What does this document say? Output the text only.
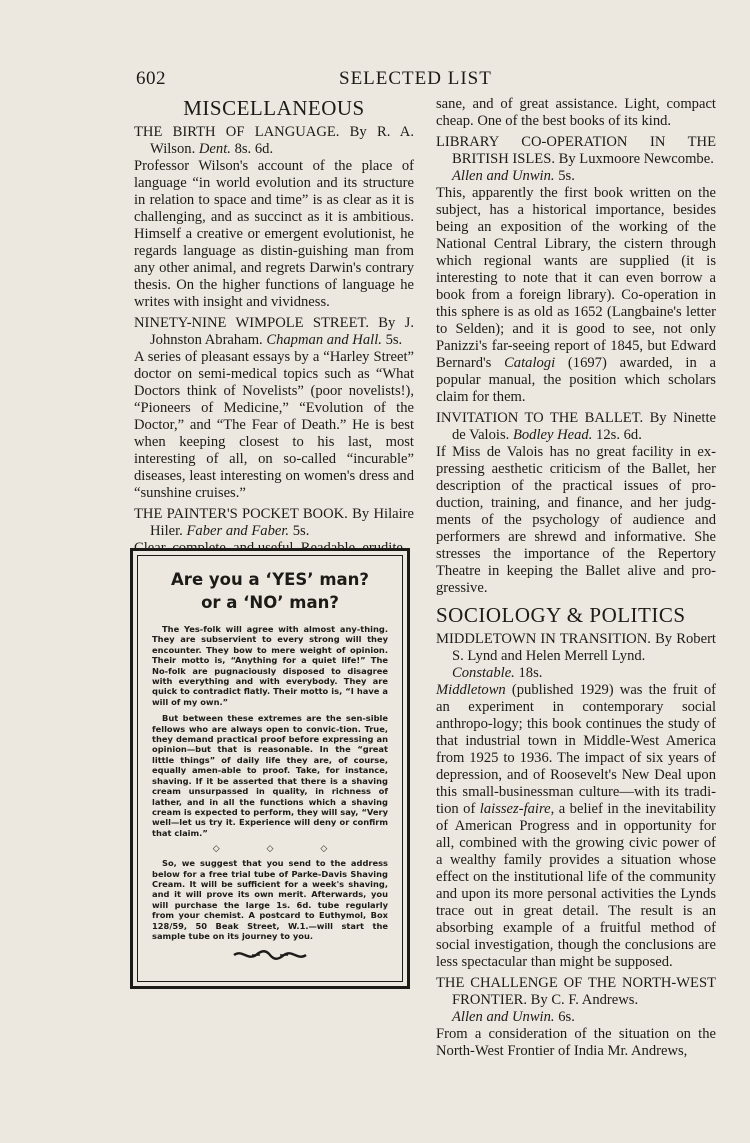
602	SELECTED LIST
MISCELLANEOUS

THE BIRTH OF LANGUAGE. By R. A. Wilson. Dent. 8s. 6d.

Professor Wilson's account of the place of language “in world evolution and its structure in relation to space and time” is as clear as it is challenging, and as succinct as it is ambitious. Himself a creative or emergent evolutionist, he regards language as distin-guishing man from any other animal, and regrets Darwin's contrary thesis. On the higher functions of language he writes with insight and vividness.

NINETY-NINE WIMPOLE STREET. By J. Johnston Abraham. Chapman and Hall. 5s.

A series of pleasant essays by a “Harley Street” doctor on semi-medical topics such as “What Doctors think of Novelists” (poor novelists!), “Pioneers of Medicine,” “Evolution of the Doctor,” and “The Fear of Death.” He is best when keeping closest to his last, most interesting of all, on so-called “incurable” diseases, least interesting on women's dress and “sunshine cruises.”

THE PAINTER'S POCKET BOOK. By Hilaire Hiler. Faber and Faber. 5s.

Are you a ‘YES’ man?
or a ‘NO’ man?

The Yes-folk will agree with almost any-thing. They are subservient to every strong will they encounter. They bow to mere weight of opinion. Their motto is, “Anything for a quiet life!” The No-folk are pugnaciously disposed to disagree with everything and with everybody. They are quick to contradict flatly. Their motto is, “I have a will of my own.”

But between these extremes are the sen-sible fellows who are always open to convic-tion. True, they demand practical proof before expressing an opinion—but that is reasonable. In the “great little things” of daily life they are, of course, equally amen-able to proof. Take, for instance, shaving. If it be asserted that there is a shaving cream unsurpassed in quality, in richness of lather, and in all the functions which a shaving cream is expected to perform, they will say, “Very well—let us try it. Experience will deny or confirm that claim.”

◇ ◇ ◇

So, we suggest that you send to the address below for a free trial tube of Parke-Davis Shaving Cream. It will be sufficient for a week's shaving, and it will prove its own merit. Afterwards, you will purchase the large 1s. 6d. tube regularly from your chemist. A postcard to Euthymol, Box 128/59, 50 Beak Street, W.1.—will start the sample tube on its journey to you.

sane, and of great assistance. Light, compact cheap. One of the best books of its kind.

LIBRARY CO-OPERATION IN THE BRITISH ISLES. By Luxmoore Newcombe.
Allen and Unwin. 5s.

This, apparently the first book written on the subject, has a historical importance, besides being an exposition of the working of the National Central Library, the cistern through which regional wants are supplied (it is interesting to note that it can even borrow a book from a foreign library). Co-operation in this sphere is as old as 1652 (Langbaine's letter to Selden); and it is good to see, not only Panizzi's far-seeing report of 1845, but Edward Bernard's Catalogi (1697) awarded, in a popular manual, the position which scholars claim for them.

INVITATION TO THE BALLET. By Ninette de Valois. Bodley Head. 12s. 6d.

If Miss de Valois has no great facility in ex-pressing aesthetic criticism of the Ballet, her description of the practical issues of pro-duction, training, and finance, and her judg-ments of the psychology of audience and performers are shrewd and informative. She stresses the importance of the Repertory Theatre in keeping the Ballet alive and pro-gressive.

SOCIOLOGY & POLITICS

MIDDLETOWN IN TRANSITION. By Robert S. Lynd and Helen Merrell Lynd.
Constable. 18s.

Middletown (published 1929) was the fruit of an experiment in contemporary social anthropo-logy; this book continues the study of that industrial town in Middle-West America from 1925 to 1936. The impact of six years of depression, and of Roosevelt's New Deal upon this small-businessman culture—with its tradi-tion of laissez-faire, a belief in the inevitability of American Progress and in opportunity for all, combined with the growing civic power of a wealthy family provides a situation whose effect on the institutional life of the community and upon its more personal activities the Lynds trace out in great detail. The result is an absorbing example of a fruitful method of social investigation, though the conclusions are less spectacular than might be supposed.

THE CHALLENGE OF THE NORTH-WEST FRONTIER. By C. F. Andrews.
Allen and Unwin. 6s.

From a consideration of the situation on the North-West Frontier of India Mr. Andrews,
